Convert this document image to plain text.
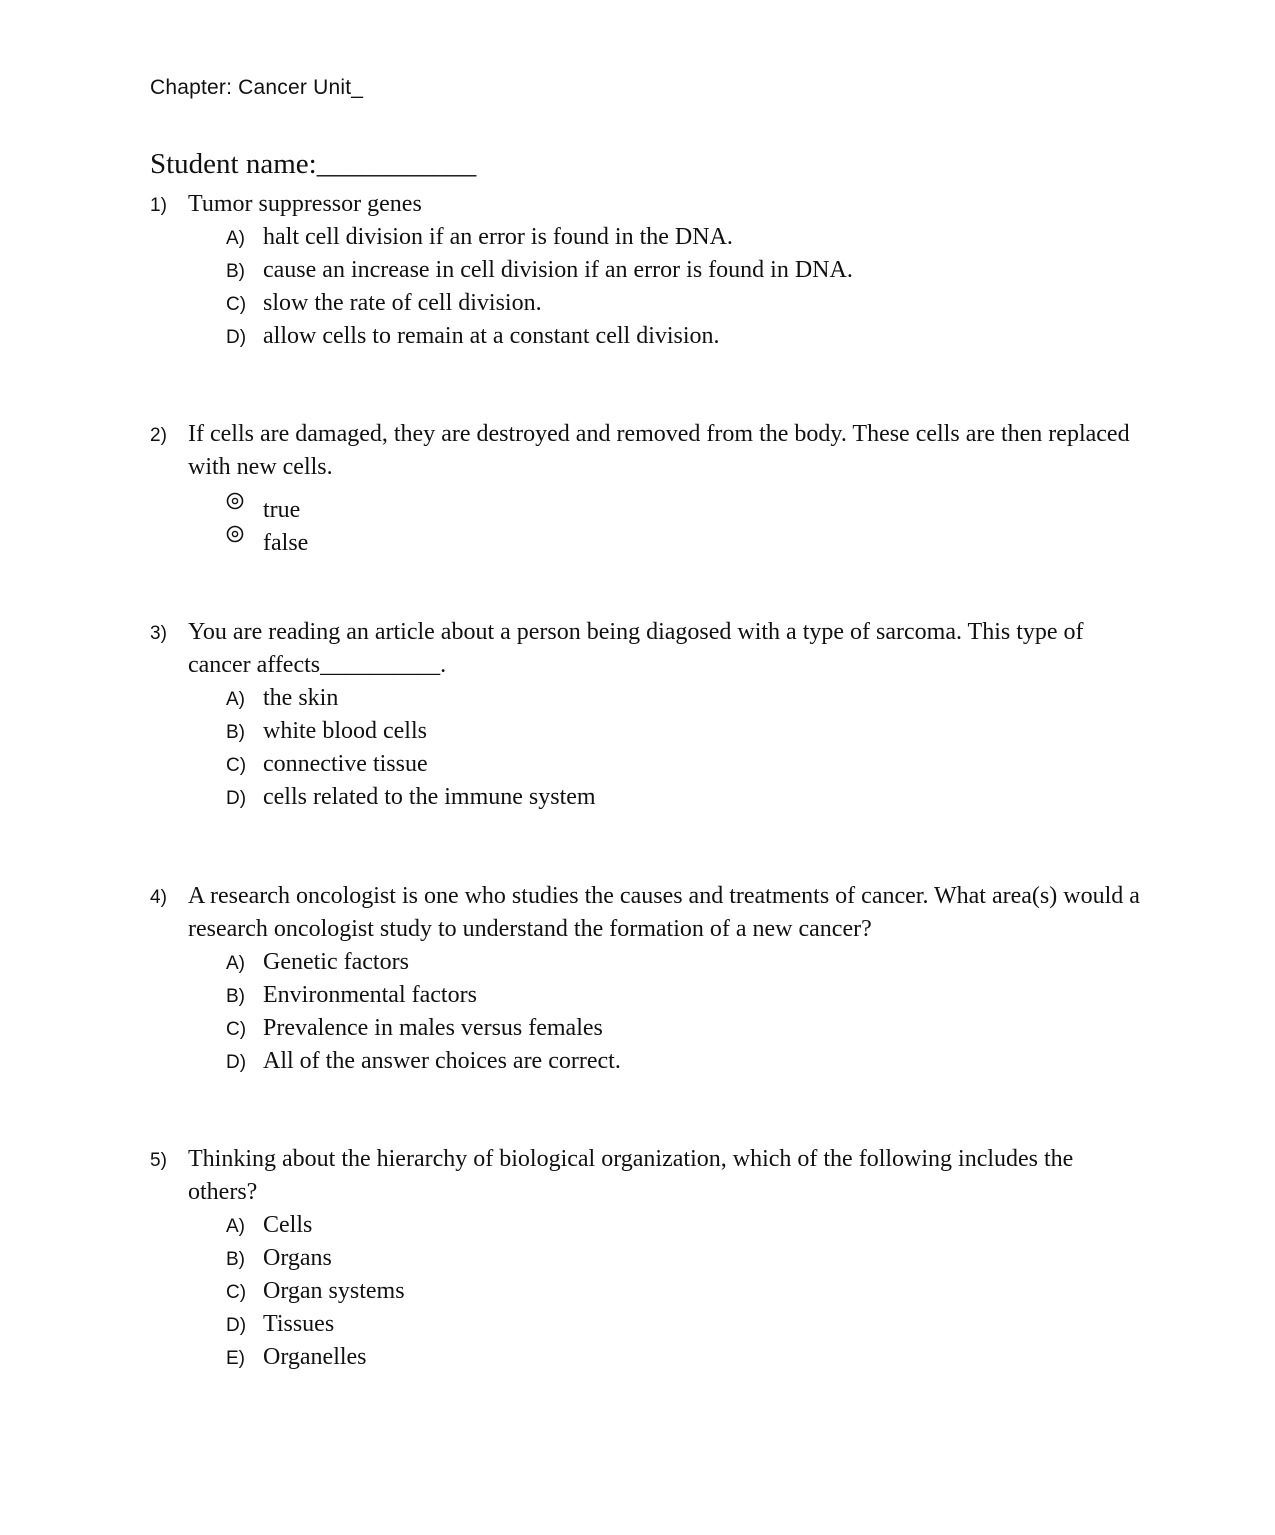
Chapter: Cancer Unit_
Student name:___________
1) Tumor suppressor genes
A) halt cell division if an error is found in the DNA.
B) cause an increase in cell division if an error is found in DNA.
C) slow the rate of cell division.
D) allow cells to remain at a constant cell division.
2) If cells are damaged, they are destroyed and removed from the body. These cells are then replaced with new cells.
true
false
3) You are reading an article about a person being diagosed with a type of sarcoma. This type of cancer affects__________.
A) the skin
B) white blood cells
C) connective tissue
D) cells related to the immune system
4) A research oncologist is one who studies the causes and treatments of cancer. What area(s) would a research oncologist study to understand the formation of a new cancer?
A) Genetic factors
B) Environmental factors
C) Prevalence in males versus females
D) All of the answer choices are correct.
5) Thinking about the hierarchy of biological organization, which of the following includes the others?
A) Cells
B) Organs
C) Organ systems
D) Tissues
E) Organelles
